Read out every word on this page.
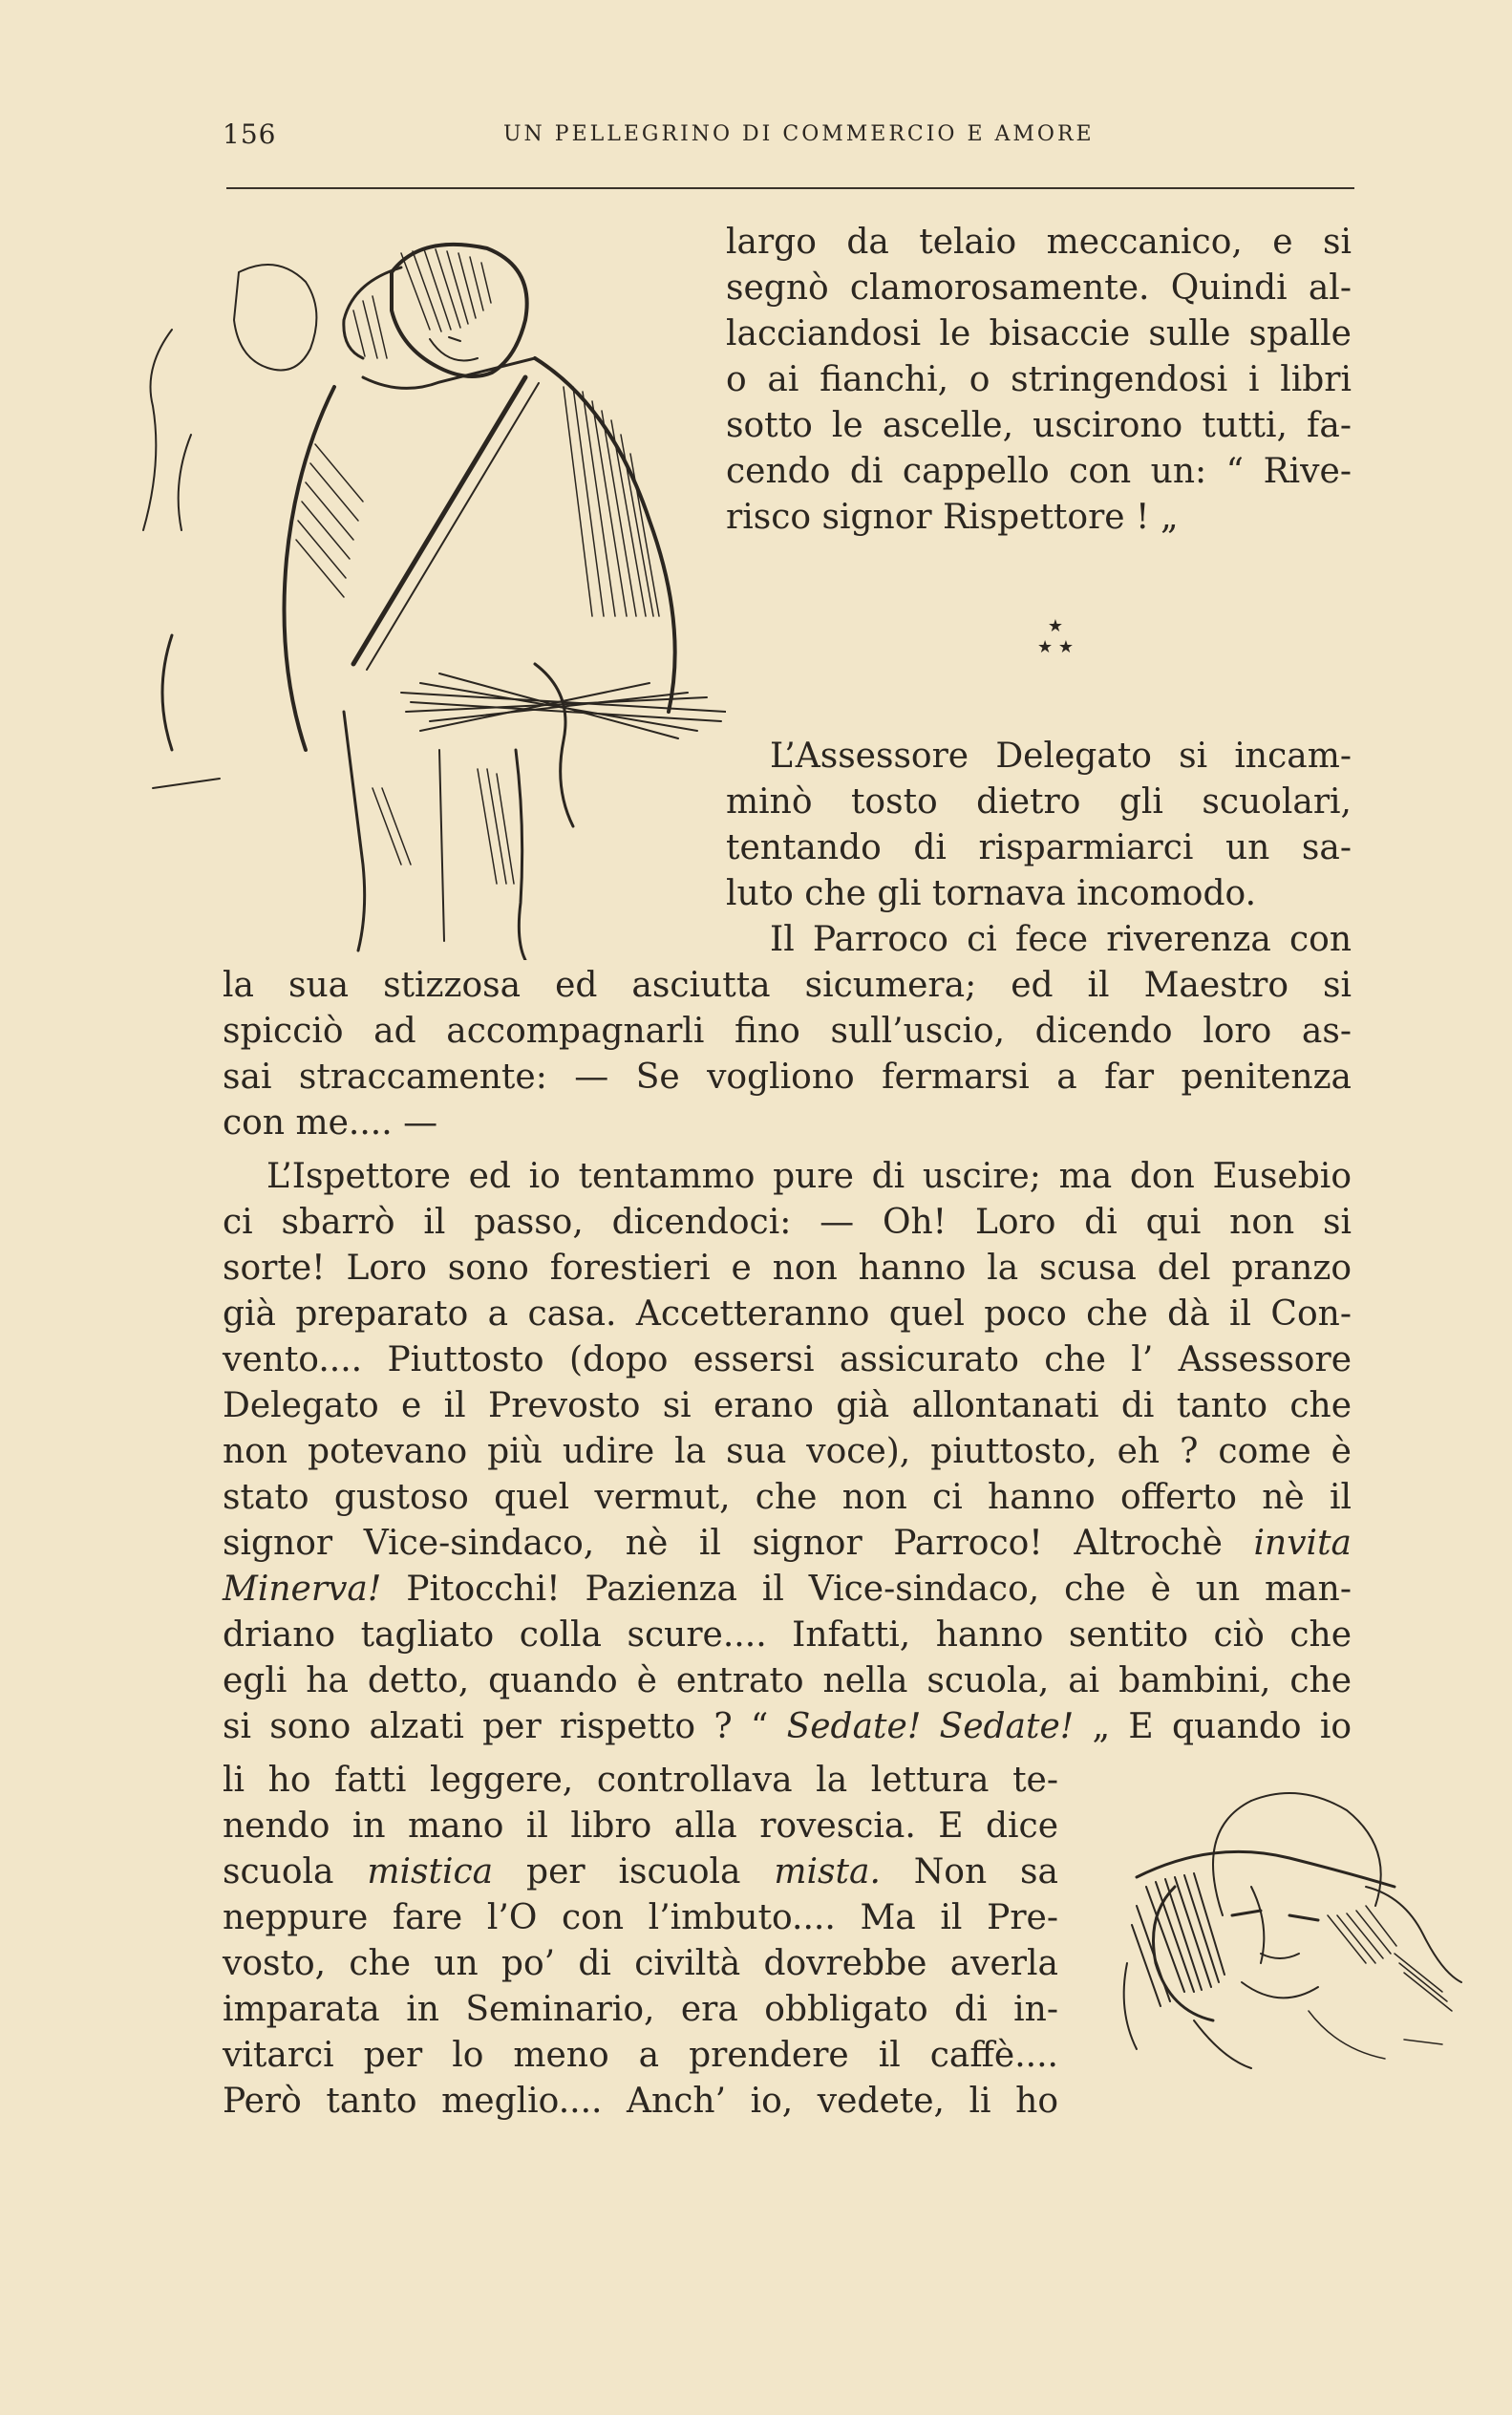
156	UN PELLEGRINO DI COMMERCIO E AMORE
largo da telaio meccanico, e si
segnò clamorosamente. Quindi al-
lacciandosi le bisaccie sulle spalle
o ai fianchi, o stringendosi i libri
sotto le ascelle, uscirono tutti, fa-
cendo di cappello con un: “ Rive-
risco signor Rispettore ! „
★
★ ★
L’Assessore Delegato si incam-
minò tosto dietro gli scuolari,
tentando di risparmiarci un sa-
luto che gli tornava incomodo.
Il Parroco ci fece riverenza con
la sua stizzosa ed asciutta sicumera; ed il Maestro si
spicciò ad accompagnarli fino sull’uscio, dicendo loro as-
sai straccamente: — Se vogliono fermarsi a far penitenza
con me.... —
L’Ispettore ed io tentammo pure di uscire; ma don Eusebio
ci sbarrò il passo, dicendoci: — Oh! Loro di qui non si
sorte! Loro sono forestieri e non hanno la scusa del pranzo
già preparato a casa. Accetteranno quel poco che dà il Con-
vento.... Piuttosto (dopo essersi assicurato che l’ Assessore
Delegato e il Prevosto si erano già allontanati di tanto che
non potevano più udire la sua voce), piuttosto, eh ? come è
stato gustoso quel vermut, che non ci hanno offerto nè il
signor Vice-sindaco, nè il signor Parroco! Altrochè invita
Minerva! Pitocchi! Pazienza il Vice-sindaco, che è un man-
driano tagliato colla scure.... Infatti, hanno sentito ciò che
egli ha detto, quando è entrato nella scuola, ai bambini, che
si sono alzati per rispetto ? “ Sedate! Sedate! „ E quando io
li ho fatti leggere, controllava la lettura te-
nendo in mano il libro alla rovescia. E dice
scuola mistica per iscuola mista. Non sa
neppure fare l’O con l’imbuto.... Ma il Pre-
vosto, che un po’ di civiltà dovrebbe averla
imparata in Seminario, era obbligato di in-
vitarci per lo meno a prendere il caffè....
Però tanto meglio.... Anch’ io, vedete, li ho
